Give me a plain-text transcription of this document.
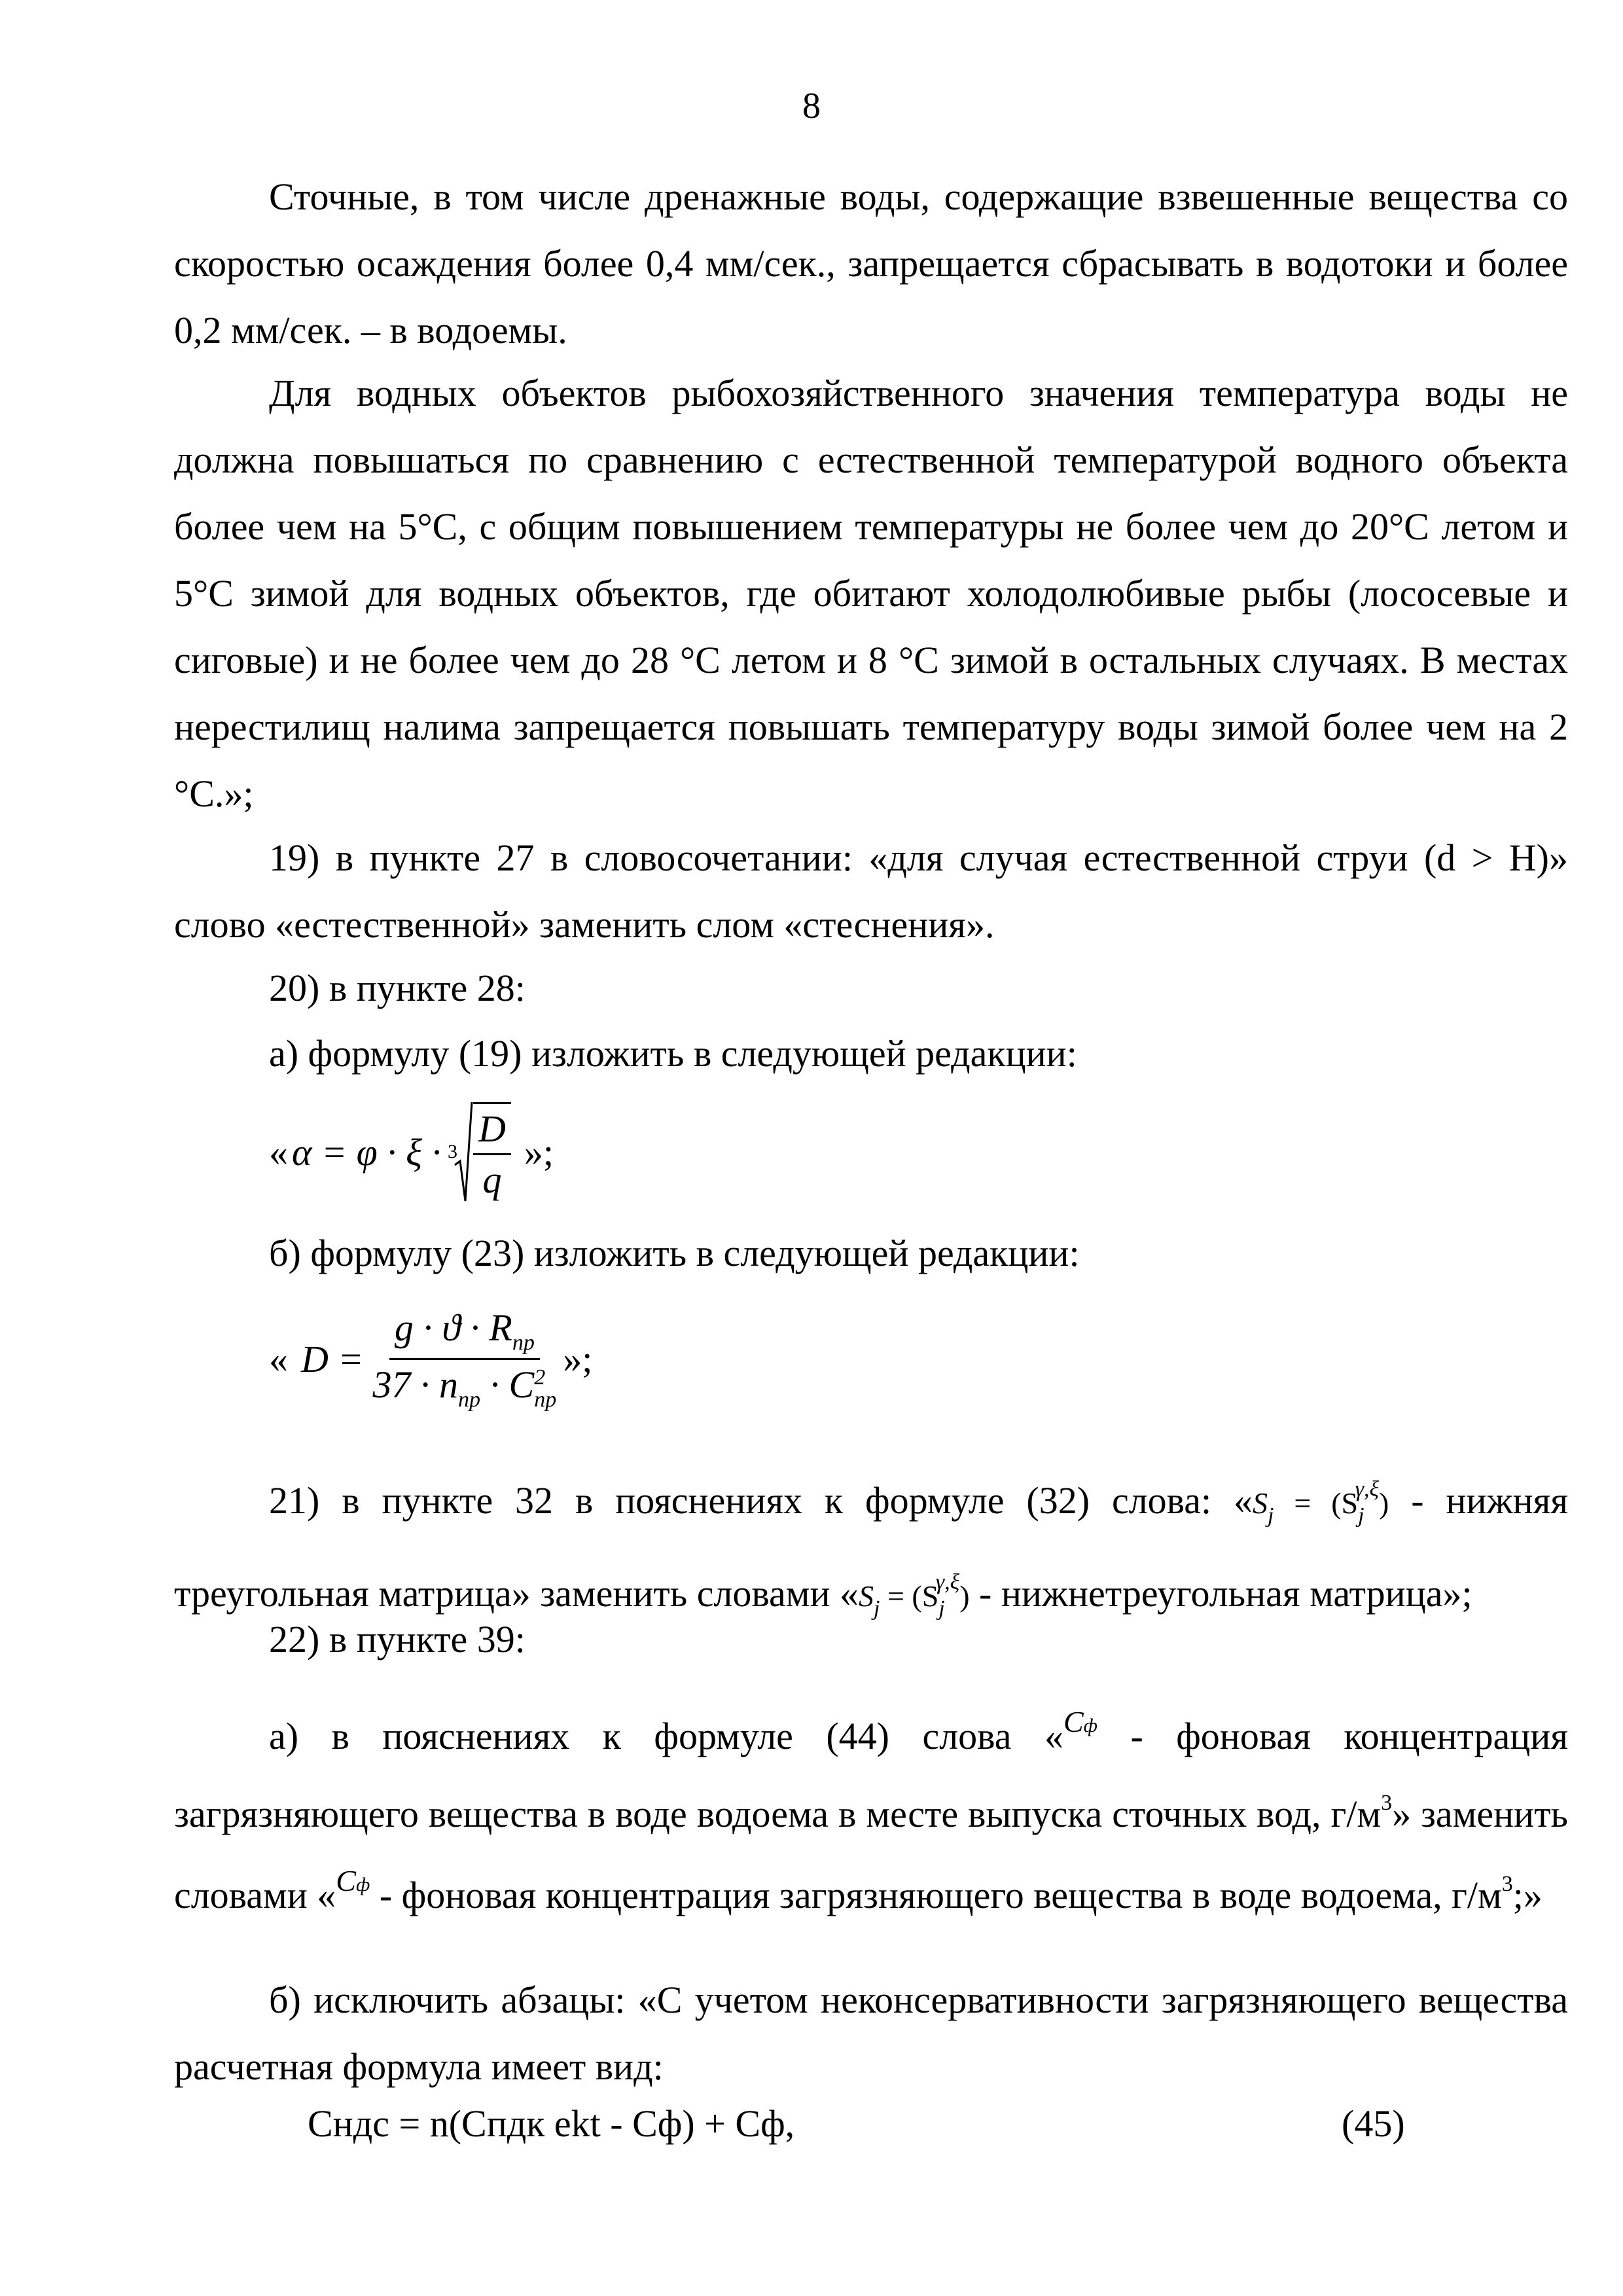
8

Сточные, в том числе дренажные воды, содержащие взвешенные вещества со скоростью осаждения более 0,4 мм/сек., запрещается сбрасывать в водотоки и более 0,2 мм/сек. – в водоемы.

Для водных объектов рыбохозяйственного значения температура воды не должна повышаться по сравнению с естественной температурой водного объекта более чем на 5°С, с общим повышением температуры не более чем до 20°С летом и 5°С зимой для водных объектов, где обитают холодолюбивые рыбы (лососевые и сиговые) и не более чем до 28 °С летом и 8 °С зимой в остальных случаях. В местах нерестилищ налима запрещается повышать температуру воды зимой более чем на 2 °С.»;

19) в пункте 27 в словосочетании: «для случая естественной струи (d > H)» слово «естественной» заменить слом «стеснения».

20) в пункте 28:
а) формулу (19) изложить в следующей редакции:
« $\alpha = \varphi \cdot \xi \cdot 3 \frac{D}{q}$ »;
б) формулу (23) изложить в следующей редакции:
« $D = g \cdot ϑ \cdot R_{пр}$
$37 \cdot n_{пр} \cdot C$ 2
пр »;

21) в пункте 32 в пояснениях к формуле (32) слова: «$S_j = (S_j^{\gamma,\xi})$ - нижняя треугольная матрица» заменить словами «$S_j = (S_j^{\gamma,\xi})$ - нижнетреугольная матрица»;

22) в пункте 39:

а) в пояснениях к формуле (44) слова «$^{Сф}$ - фоновая концентрация загрязняющего вещества в воде водоема в месте выпуска сточных вод, $г/м^3$» заменить словами «$^{Сф}$ - фоновая концентрация загрязняющего вещества в воде водоема, $г/м^3$;»

б) исключить абзацы: «С учетом неконсервативности загрязняющего вещества расчетная формула имеет вид:

Сндс = n(Спдк ekt - Сф) + Сф,	(45)
